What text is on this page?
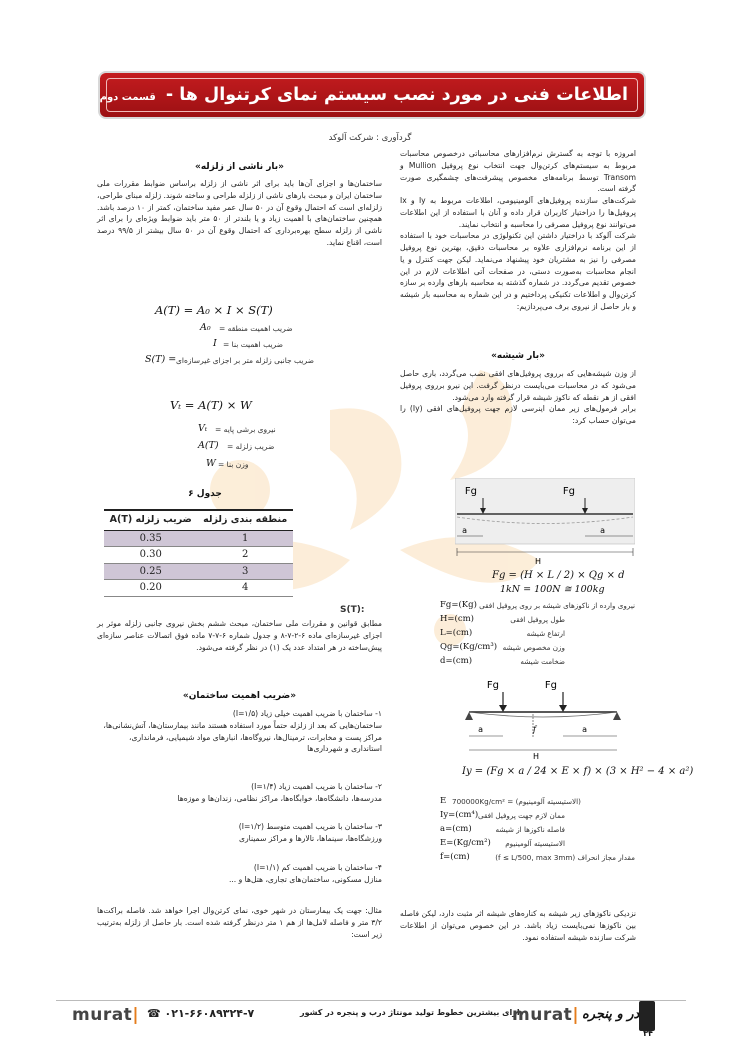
اطلاعات فنی در مورد نصب سیستم نمای کرتنوال ها - قسمت دوم
گردآوری : شرکت آلوکد

امروزه با توجه به گسترش نرم‌افزارهای محاسباتی درخصوص محاسبات مربوط به سیستم‌های کرتن‌وال جهت انتخاب نوع پروفیل Mullion و Transom توسط برنامه‌های مخصوص پیشرفت‌های چشمگیری صورت گرفته است.

شرکت‌های سازنده پروفیل‌های آلومینیومی، اطلاعات مربوط به Iy و Ix پروفیل‌ها را دراختیار کاربران قرار داده و آنان با استفاده از این اطلاعات می‌توانند نوع پروفیل مصرفی را محاسبه و انتخاب نمایند.

شرکت آلوکد با دراختیار داشتن این تکنولوژی در محاسبات خود با استفاده از این برنامه نرم‌افزاری علاوه بر محاسبات دقیق، بهترین نوع پروفیل مصرفی را نیز به مشتریان خود پیشنهاد می‌نماید. لیکن جهت کنترل و یا انجام محاسبات به‌صورت دستی، در صفحات آتی اطلاعات لازم در این خصوص تقدیم می‌گردد. در شماره گذشته به محاسبه بارهای وارده بر سازه کرتن‌وال و اطلاعات تکنیکی پرداختیم و در این شماره به محاسبه بار شیشه و بار حاصل از نیروی برف می‌پردازیم:

«بار شیشه»

از وزن شیشه‌هایی که برروی پروفیل‌های افقی نصب می‌گردد، باری حاصل می‌شود که در محاسبات می‌بایست درنظر گرفت. این نیرو برروی پروفیل افقی از هر نقطه که ناکوز شیشه قرار گرفته وارد می‌شود.

برابر فرمول‌های زیر ممان اینرسی لازم جهت پروفیل‌های افقی (Iy) را می‌توان حساب کرد:

Fg	Fg
a	a
H
Fg = (H × L / 2) × Qg × d
1kN = 100N ≅ 100kg
نیروی وارده از ناکوزهای شیشه بر روی پروفیل افقی
Fg=(Kg)
طول پروفیل افقی
H=(cm)
ارتفاع شیشه
L=(cm)
وزن مخصوص شیشه
Qg=(Kg/cm³)
ضخامت شیشه
d=(cm)
Fg	Fg
a	a
f
H
Iy = (Fg × a / 24 × E × f) × (3 × H² − 4 × a²)
E (الاستیسیته آلومینیوم) = 700000Kg/cm²
Iy=(cm⁴) ممان لازم جهت پروفیل افقی
a=(cm)	فاصله ناکوزها از شیشه
E=(Kg/cm²) الاستیسیته آلومینیوم
f=(cm)	مقدار مجاز انحراف (f ≤ L/500, max 3mm)
نزدیکی ناکوزهای زیر شیشه به کناره‌های شیشه اثر مثبت دارد، لیکن فاصله بین ناکوزها نمی‌بایست زیاد باشد. در این خصوص می‌توان از اطلاعات شرکت سازنده شیشه استفاده نمود.
«بار ناشی از زلزله»
ساختمان‌ها و اجزای آن‌ها باید برای اثر ناشی از زلزله براساس ضوابط مقررات ملی ساختمان ایران و مبحث بارهای ناشی از زلزله طراحی و ساخته شوند. زلزله مبنای طراحی، زلزله‌ای است که احتمال وقوع آن در ۵۰ سال عمر مفید ساختمان، کمتر از ۱۰ درصد باشد. همچنین ساختمان‌های با اهمیت زیاد و یا بلندتر از ۵۰ متر باید ضوابط ویژه‌ای را برای اثر ناشی از زلزله سطح بهره‌برداری که احتمال وقوع آن در ۵۰ سال بیشتر از ۹۹/۵ درصد است، اقناع نماید.
A(T) = A₀ × I × S(T)
A₀ ضریب اهمیت منطقه =
I ضریب اهمیت بنا =
S(T) = ضریب جانبی زلزله متر بر اجزای غیرسازه‌ای
Vₜ = A(T) × W
Vₜ نیروی برشی پایه =
A(T) ضریب زلزله =
W وزن بنا =
جدول ۶
منطقه بندی زلزله	ضریب زلزله (A(T
1	0.35
2	0.30
3	0.25
4	0.20
S(T):
مطابق قوانین و مقررات ملی ساختمان، مبحث ششم بخش نیروی جانبی زلزله موثر بر اجزای غیرسازه‌ای ماده ۶-۲-۷-۸ و جدول شماره ۶-۷-۷ ماده فوق اتصالات عناصر سازه‌ای پیش‌ساخته در هر امتداد عدد یک (۱) در نظر گرفته می‌شود.
«ضریب اهمیت ساختمان»
۱- ساختمان با ضریب اهمیت خیلی زیاد (I=۱/۵)
ساختمان‌هایی که بعد از زلزله حتماً مورد استفاده هستند مانند بیمارستان‌ها، آتش‌نشانی‌ها، مراکز پست و مخابرات، ترمینال‌ها، نیروگاه‌ها، انبارهای مواد شیمیایی، فرمانداری، استانداری و شهرداری‌ها
۲- ساختمان با ضریب اهمیت زیاد (I=۱/۴)
مدرسه‌ها، دانشگاه‌ها، خوابگاه‌ها، مراکز نظامی، زندان‌ها و موزه‌ها
۳- ساختمان با ضریب اهمیت متوسط (I=۱/۲)
ورزشگاه‌ها، سینماها، تالارها و مراکز سمیناری
۴- ساختمان با ضریب اهمیت کم (I=۱/۱)
منازل مسکونی، ساختمان‌های تجاری، هتل‌ها و ...
مثال: جهت یک بیمارستان در شهر خوی، نمای کرتن‌وال اجرا خواهد شد. فاصله براکت‌ها ۳/۲ متر و فاصله لامل‌ها از هم ۱ متر درنظر گرفته شده است. بار حاصل از زلزله به‌ترتیب زیر است:
murat| ☎ ۰۲۱-۶۶۰۸۹۳۲۴-۷	دارای بیشترین خطوط تولید مونتاژ درب و پنجره در کشور
murat| در و پنجره
۳۴
